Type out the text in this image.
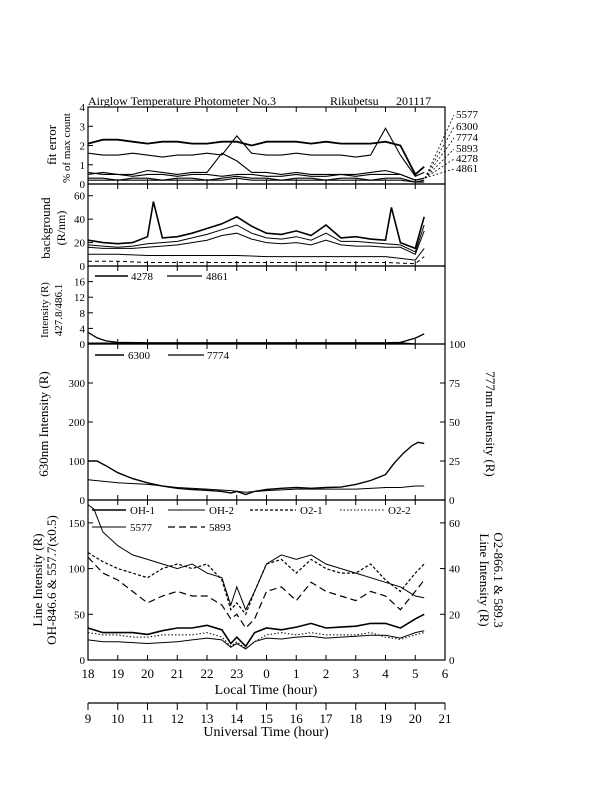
Airglow Temperature Photometer No.3	Rikubetsu 201117
Local Time (hour)
Universal Time (hour)
0
1
2
3
4
fit error % of max count	5577
6300
7774
5893
4278
4861
0
20
40
60
background (R/nm)
0
4
8
12
16
Intensity (R) 427.8/486.1
4278	4861
0
100
200
300
0
25
50
75
100
630nm Intensity (R)	777nm Intensity (R)
6300	7774
0
50
100
150
0
20
40
60
Line Intensity (R) OH-846.6 & 557.7(x0.5)	Line Intensity (R) O2-866.1 & 589.3
OH-1	OH-2	O2-1	O2-2
5577	5893
18 19 20 21 22 23 0 1 2 3 4 5 6
9 10 11 12 13 14 15 16 17 18 19 20 21
